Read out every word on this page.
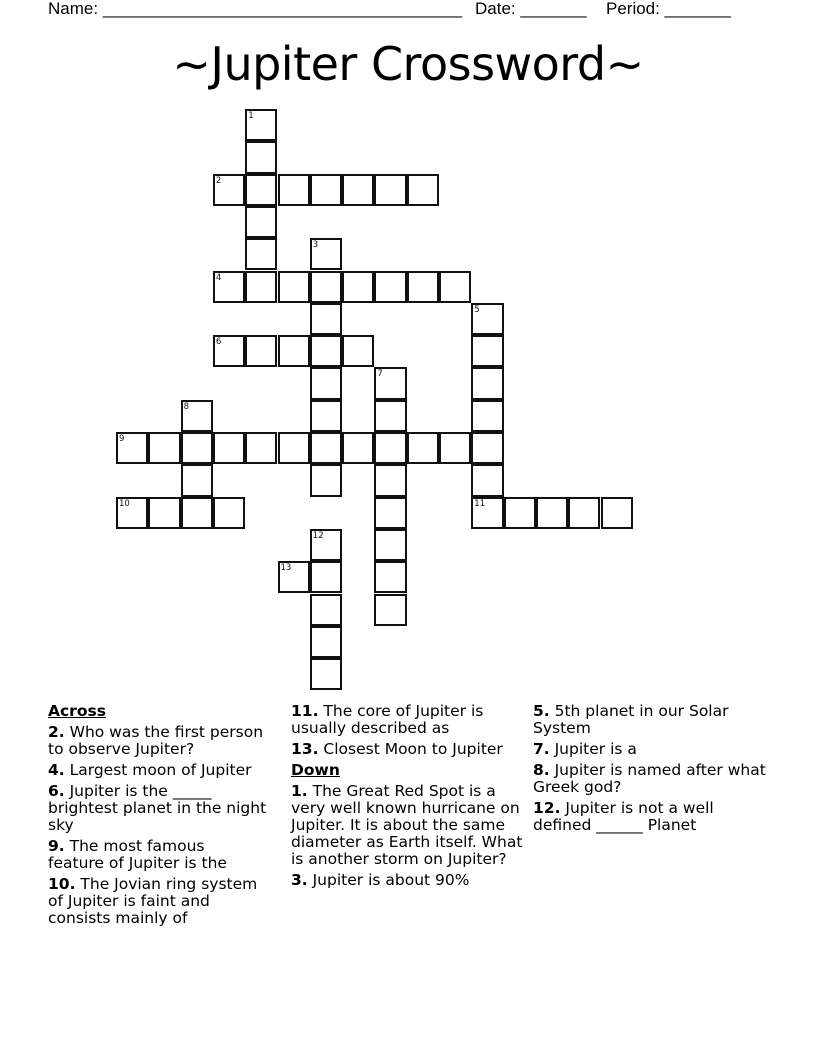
Name: ______________________________________

Date: _______

Period: _______

~Jupiter Crossword~
1
2
3
4
5
11
6
7
8
9
10
12
13
Across
2. Who was the first person to observe Jupiter?
4. Largest moon of Jupiter
6. Jupiter is the _____ brightest planet in the night sky
9. The most famous feature of Jupiter is the
10. The Jovian ring system of Jupiter is faint and consists mainly of
11. The core of Jupiter is usually described as
13. Closest Moon to Jupiter
Down
1. The Great Red Spot is a very well known hurricane on Jupiter. It is about the same diameter as Earth itself. What is another storm on Jupiter?
3. Jupiter is about 90%
5. 5th planet in our Solar System
7. Jupiter is a
8. Jupiter is named after what Greek god?
12. Jupiter is not a well defined ______ Planet
